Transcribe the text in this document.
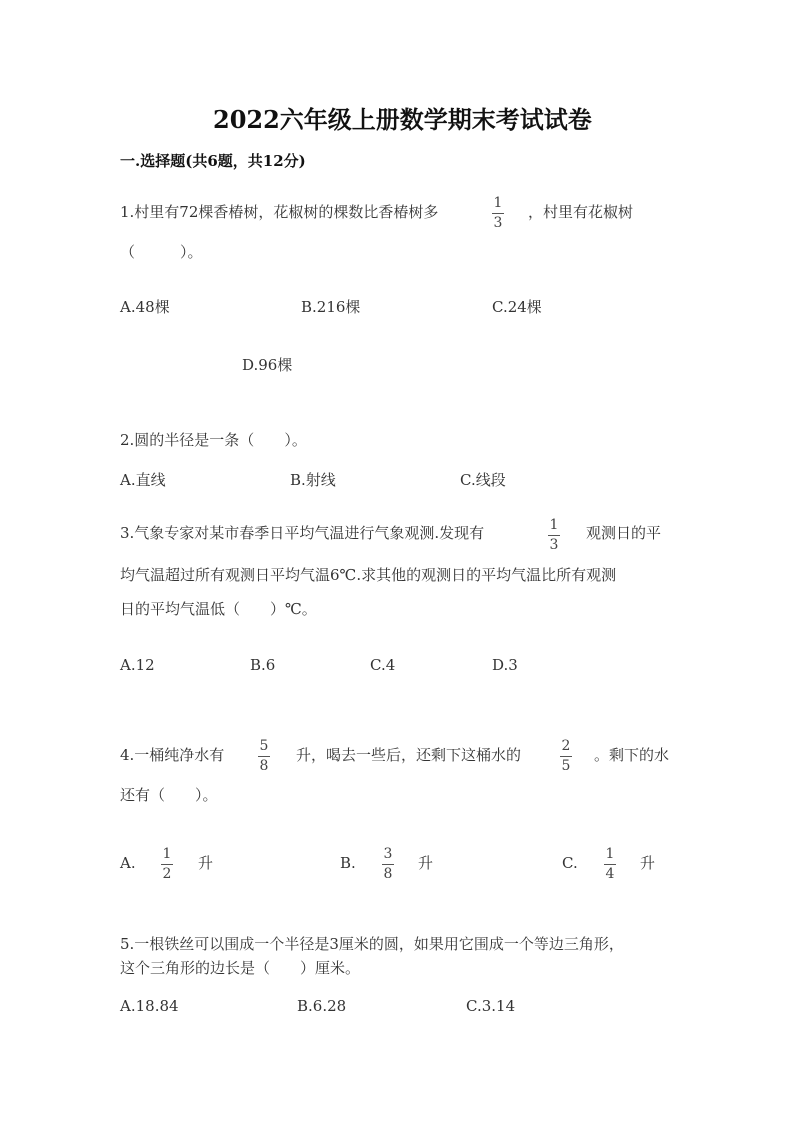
2022六年级上册数学期末考试试卷
一.选择题(共6题，共12分)
1.村里有72棵香椿树，花椒树的棵数比香椿树多	1
3
，村里有花椒树
（　　　）。
A.48棵	B.216棵	C.24棵
D.96棵
2.圆的半径是一条（　　）。
A.直线	B.射线	C.线段
3.气象专家对某市春季日平均气温进行气象观测.发现有	1
3
观测日的平
均气温超过所有观测日平均气温6℃.求其他的观测日的平均气温比所有观测
日的平均气温低（　　）℃。
A.12	B.6	C.4	D.3
4.一桶纯净水有	5
8
升，喝去一些后，还剩下这桶水的	2
5
。剩下的水
还有（　　）。
A. 1
2
升	B. 3
8
升	C. 1
4
升
5.一根铁丝可以围成一个半径是3厘米的圆，如果用它围成一个等边三角形，
这个三角形的边长是（　　）厘米。
A.18.84	B.6.28	C.3.14
